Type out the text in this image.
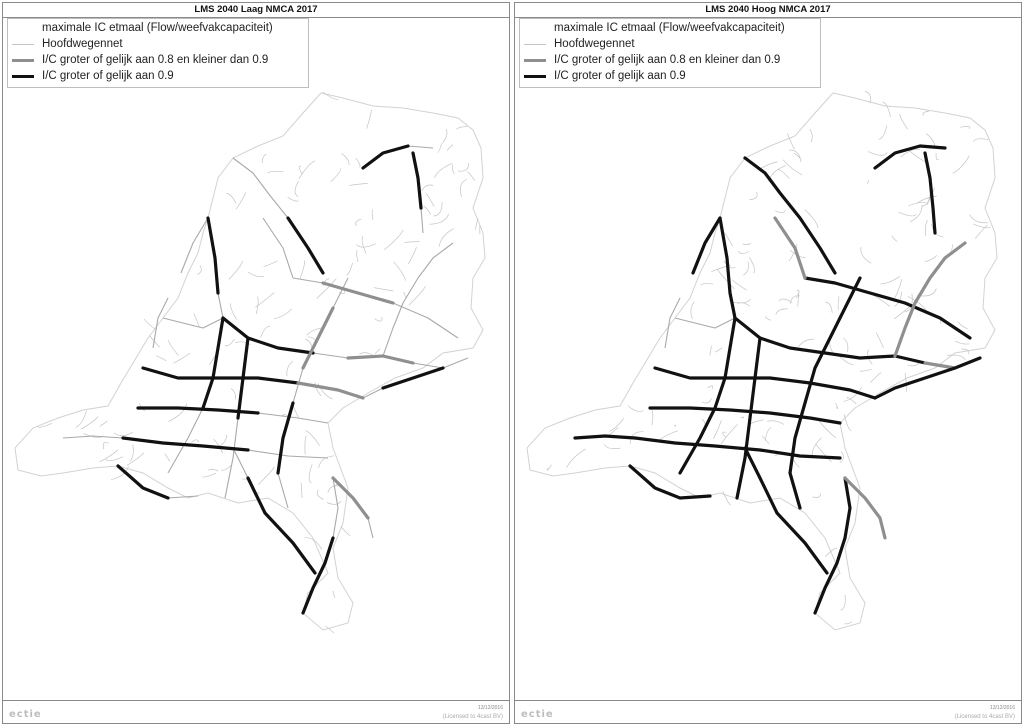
LMS 2040 Laag NMCA 2017
maximale IC etmaal (Flow/weefvakcapaciteit)
Hoofdwegennet
I/C groter of gelijk aan 0.8 en kleiner dan 0.9
I/C groter of gelijk aan 0.9
ectie
13/12/2016
(Licensed to 4cast BV)
LMS 2040 Hoog NMCA 2017
maximale IC etmaal (Flow/weefvakcapaciteit)
Hoofdwegennet
I/C groter of gelijk aan 0.8 en kleiner dan 0.9
I/C groter of gelijk aan 0.9
ectie
13/12/2016
(Licensed to 4cast BV)
